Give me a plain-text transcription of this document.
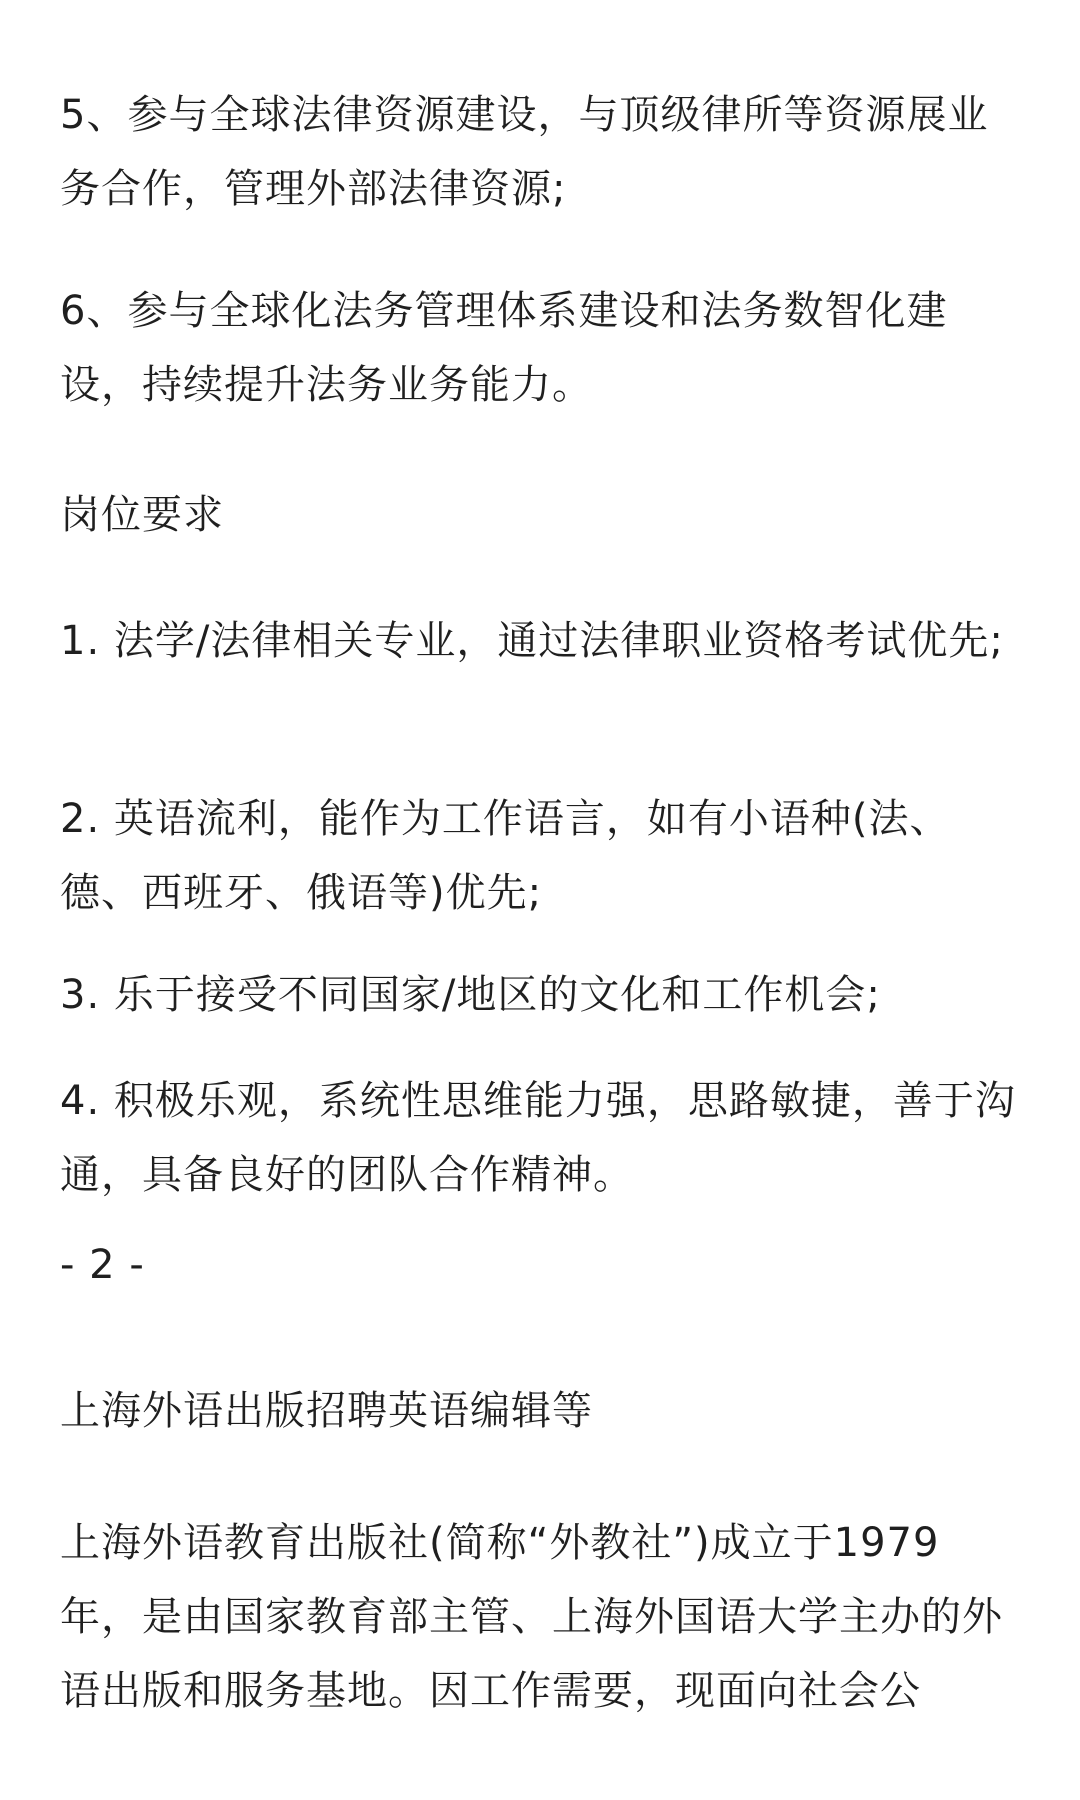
5、参与全球法律资源建设，与顶级律所等资源展业务合作，管理外部法律资源;

6、参与全球化法务管理体系建设和法务数智化建设，持续提升法务业务能力。

岗位要求

1. 法学/法律相关专业，通过法律职业资格考试优先;

2. 英语流利，能作为工作语言，如有小语种(法、德、西班牙、俄语等)优先;

3. 乐于接受不同国家/地区的文化和工作机会;

4. 积极乐观，系统性思维能力强，思路敏捷，善于沟通，具备良好的团队合作精神。

- 2 -

上海外语出版招聘英语编辑等

上海外语教育出版社(简称“外教社”)成立于1979年，是由国家教育部主管、上海外国语大学主办的外语出版和服务基地。因工作需要，现面向社会公
